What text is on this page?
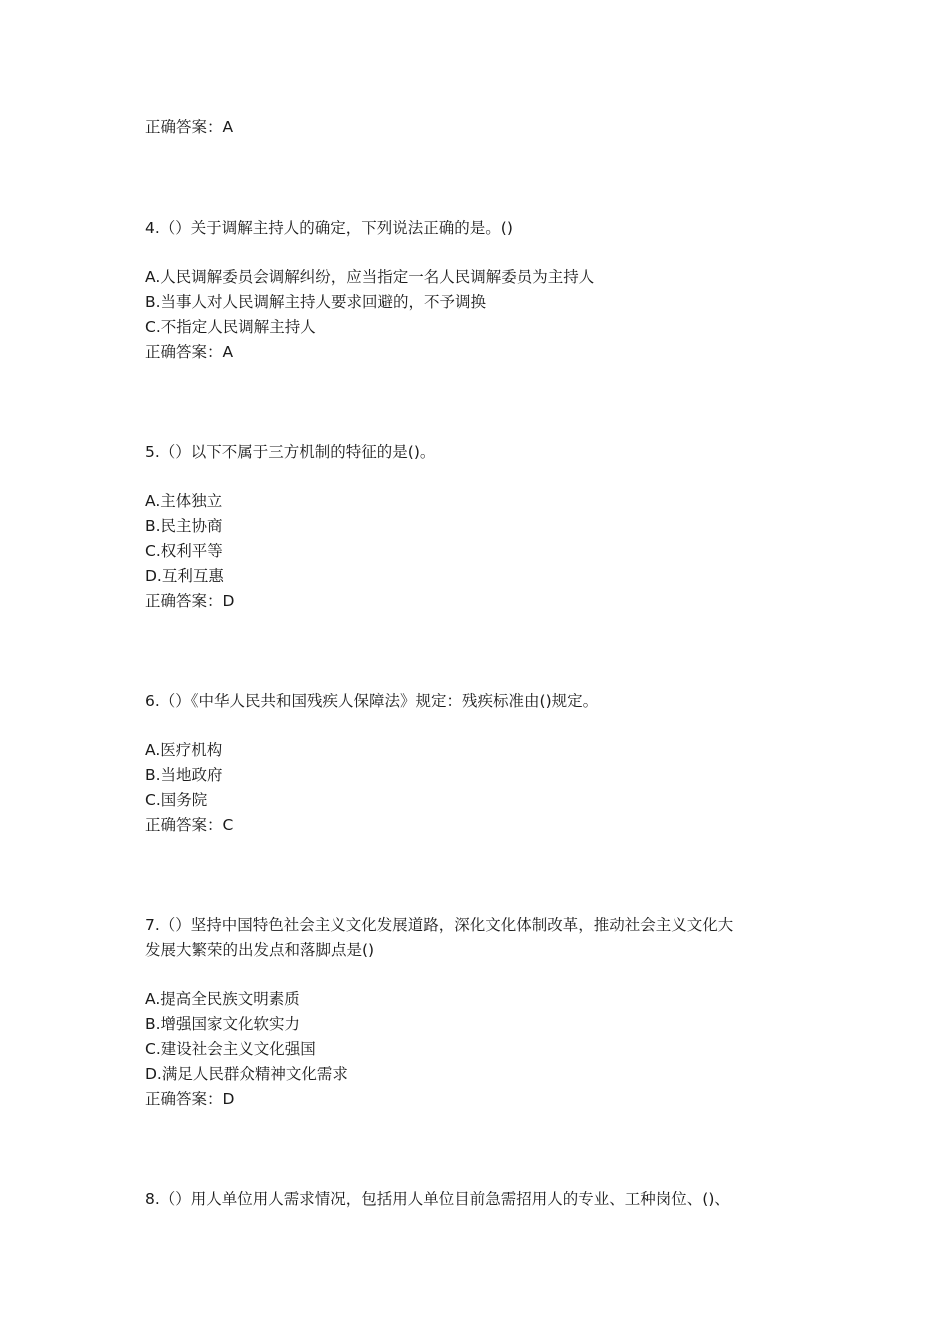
正确答案：A
4.（）关于调解主持人的确定，下列说法正确的是。()
A.人民调解委员会调解纠纷，应当指定一名人民调解委员为主持人
B.当事人对人民调解主持人要求回避的，不予调换
C.不指定人民调解主持人
正确答案：A
5.（）以下不属于三方机制的特征的是()。
A.主体独立
B.民主协商
C.权利平等
D.互利互惠
正确答案：D
6.（）《中华人民共和国残疾人保障法》规定：残疾标准由()规定。
A.医疗机构
B.当地政府
C.国务院
正确答案：C
7.（）坚持中国特色社会主义文化发展道路，深化文化体制改革，推动社会主义文化大
发展大繁荣的出发点和落脚点是()
A.提高全民族文明素质
B.增强国家文化软实力
C.建设社会主义文化强国
D.满足人民群众精神文化需求
正确答案：D
8.（）用人单位用人需求情况，包括用人单位目前急需招用人的专业、工种岗位、()、
